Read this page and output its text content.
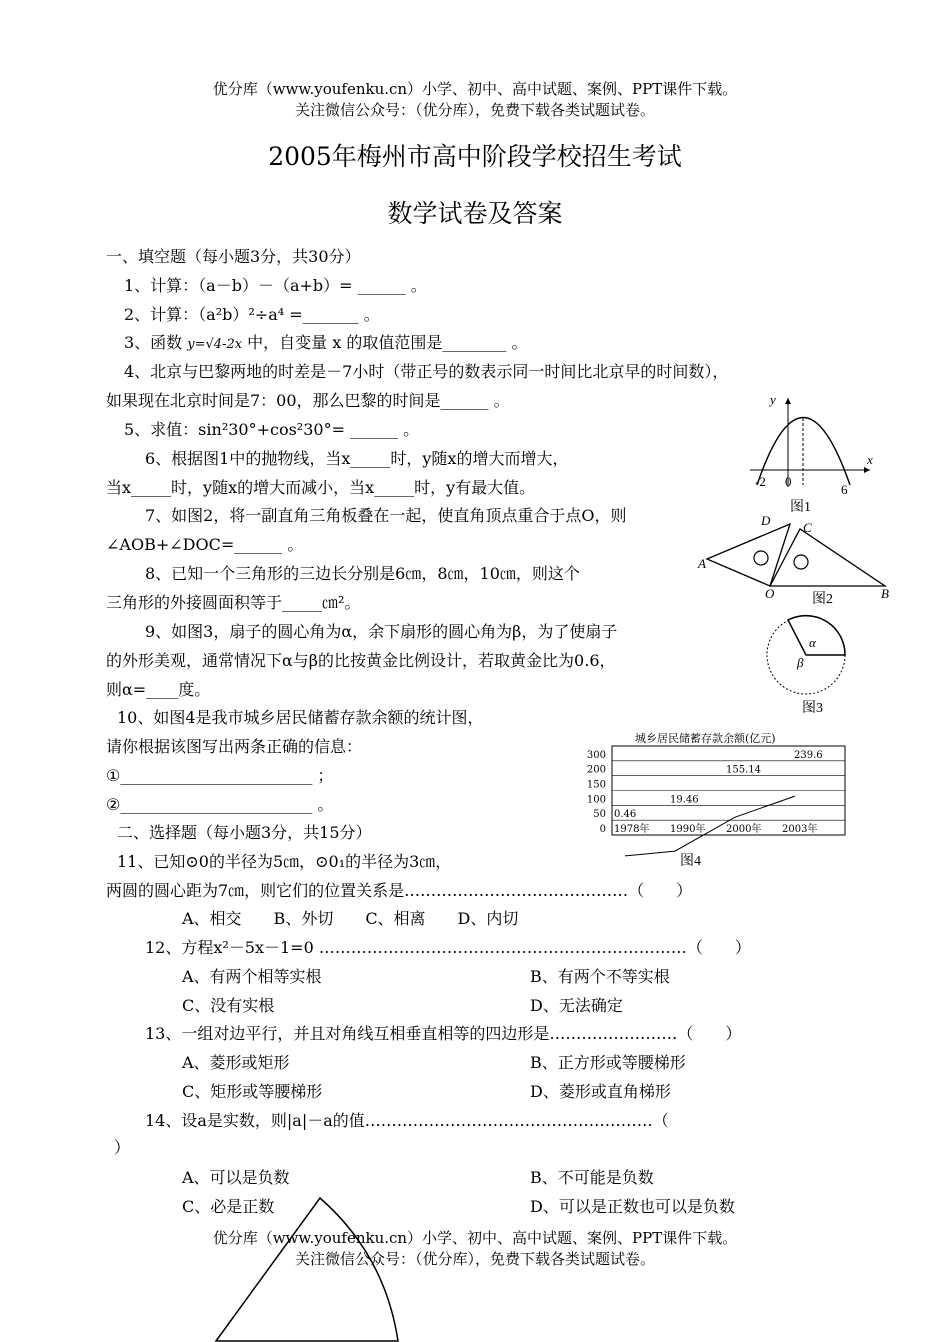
优分库（www.youfenku.cn）小学、初中、高中试题、案例、PPT课件下载。
关注微信公众号：（优分库），免费下载各类试题试卷。
2005年梅州市高中阶段学校招生考试
数学试卷及答案
一、填空题（每小题3分，共30分）
1、计算：（a－b）－（a+b）= ______ 。
2、计算：（a²b）²÷a⁴ =_______ 。
3、函数 y=√4-2x 中，自变量 x 的取值范围是________ 。
4、北京与巴黎两地的时差是－7小时（带正号的数表示同一时间比北京早的时间数），
如果现在北京时间是7：00，那么巴黎的时间是______ 。
5、求值：sin²30°+cos²30°= ______ 。
6、根据图1中的抛物线，当x_____时，y随x的增大而增大，
当x_____时，y随x的增大而减小，当x_____时，y有最大值。
7、如图2，将一副直角三角板叠在一起，使直角顶点重合于点O，则
∠AOB+∠DOC=______ 。
8、已知一个三角形的三边长分别是6㎝，8㎝，10㎝，则这个
三角形的外接圆面积等于_____㎝²。
9、如图3，扇子的圆心角为α，余下扇形的圆心角为β，为了使扇子
的外形美观，通常情况下α与β的比按黄金比例设计，若取黄金比为0.6，
则α=____度。
10、如图4是我市城乡居民储蓄存款余额的统计图，
请你根据该图写出两条正确的信息：
①________________________ ；
②________________________ 。
二、选择题（每小题3分，共15分）
11、已知⊙0的半径为5㎝，⊙0₁的半径为3㎝，
两圆的圆心距为7㎝，则它们的位置关系是……………………………………（　　）
A、相交　　B、外切　　C、相离　　D、内切
12、方程x²－5x－1=0 ……………………………………………………………（　　）
A、有两个相等实根	B、有两个不等实根
C、没有实根	D、无法确定
13、一组对边平行，并且对角线互相垂直相等的四边形是……………………（　　）
A、菱形或矩形	B、正方形或等腰梯形
C、矩形或等腰梯形	D、菱形或直角梯形
14、设a是实数，则|a|－a的值………………………………………………（
）
A、可以是负数	B、不可能是负数
C、必是正数	D、可以是正数也可以是负数
优分库（www.youfenku.cn）小学、初中、高中试题、案例、PPT课件下载。
关注微信公众号：（优分库），免费下载各类试题试卷。
x
y
-2 0
6
图1
A
D	C
O	B
图2
α
β
图3
城乡居民储蓄存款余额(亿元)
300
200
150
100
50
0 1978年 1990年 2000年 2003年
0.46
19.46
155.14
239.6
图4
